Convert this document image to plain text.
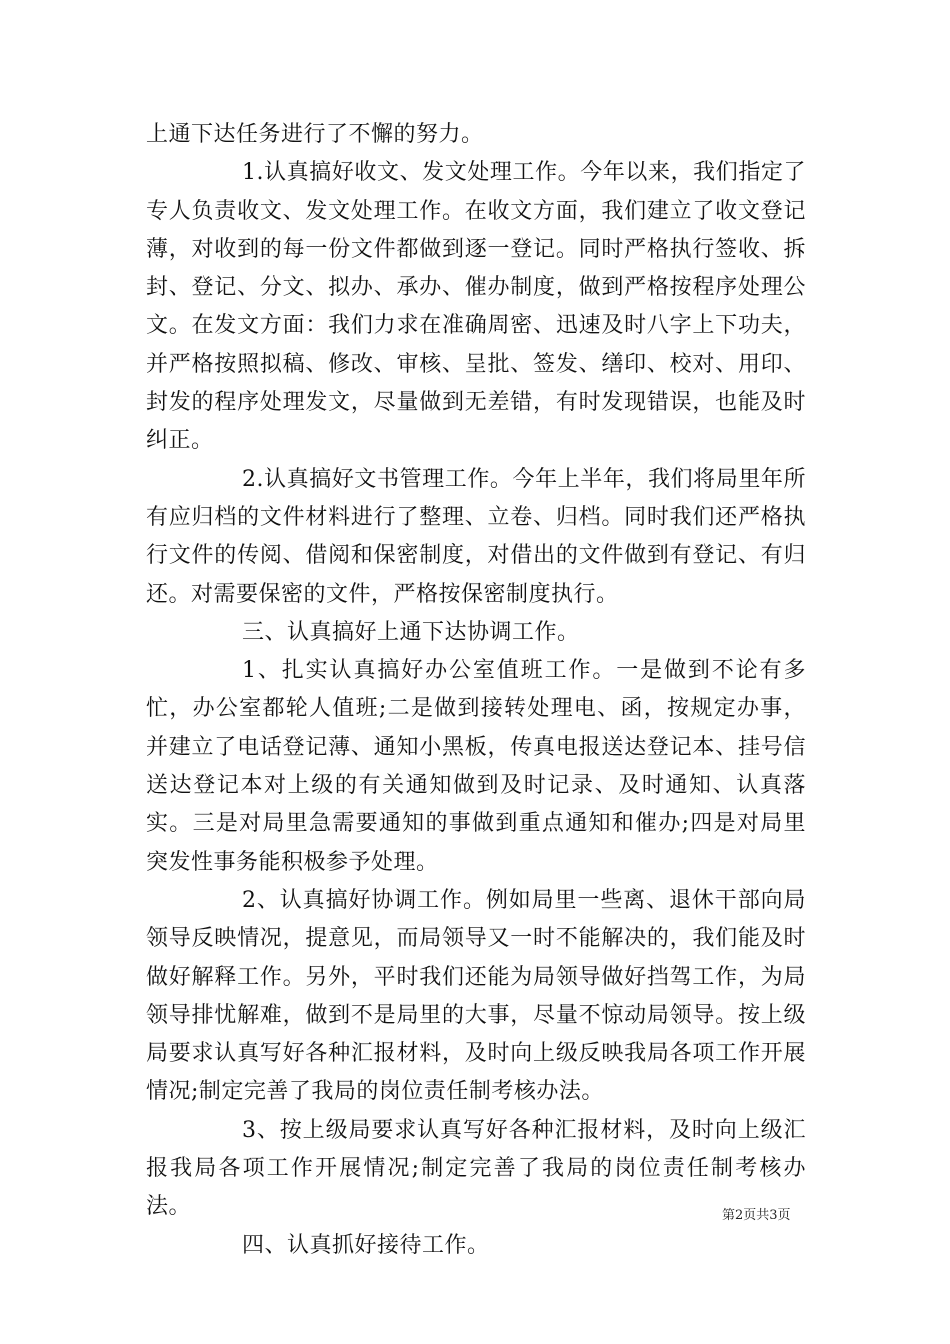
上通下达任务进行了不懈的努力。

1.认真搞好收文、发文处理工作。今年以来，我们指定了专人负责收文、发文处理工作。在收文方面，我们建立了收文登记薄，对收到的每一份文件都做到逐一登记。同时严格执行签收、拆封、登记、分文、拟办、承办、催办制度，做到严格按程序处理公文。在发文方面：我们力求在准确周密、迅速及时八字上下功夫，并严格按照拟稿、修改、审核、呈批、签发、缮印、校对、用印、封发的程序处理发文，尽量做到无差错，有时发现错误，也能及时纠正。

2.认真搞好文书管理工作。今年上半年，我们将局里年所有应归档的文件材料进行了整理、立卷、归档。同时我们还严格执行文件的传阅、借阅和保密制度，对借出的文件做到有登记、有归还。对需要保密的文件，严格按保密制度执行。

三、认真搞好上通下达协调工作。

1、扎实认真搞好办公室值班工作。一是做到不论有多忙，办公室都轮人值班;二是做到接转处理电、函，按规定办事，并建立了电话登记薄、通知小黑板，传真电报送达登记本、挂号信送达登记本对上级的有关通知做到及时记录、及时通知、认真落实。三是对局里急需要通知的事做到重点通知和催办;四是对局里突发性事务能积极参予处理。

2、认真搞好协调工作。例如局里一些离、退休干部向局领导反映情况，提意见，而局领导又一时不能解决的，我们能及时做好解释工作。另外，平时我们还能为局领导做好挡驾工作，为局领导排忧解难，做到不是局里的大事，尽量不惊动局领导。按上级局要求认真写好各种汇报材料，及时向上级反映我局各项工作开展情况;制定完善了我局的岗位责任制考核办法。

3、按上级局要求认真写好各种汇报材料，及时向上级汇报我局各项工作开展情况;制定完善了我局的岗位责任制考核办法。

四、认真抓好接待工作。

第2页共3页
